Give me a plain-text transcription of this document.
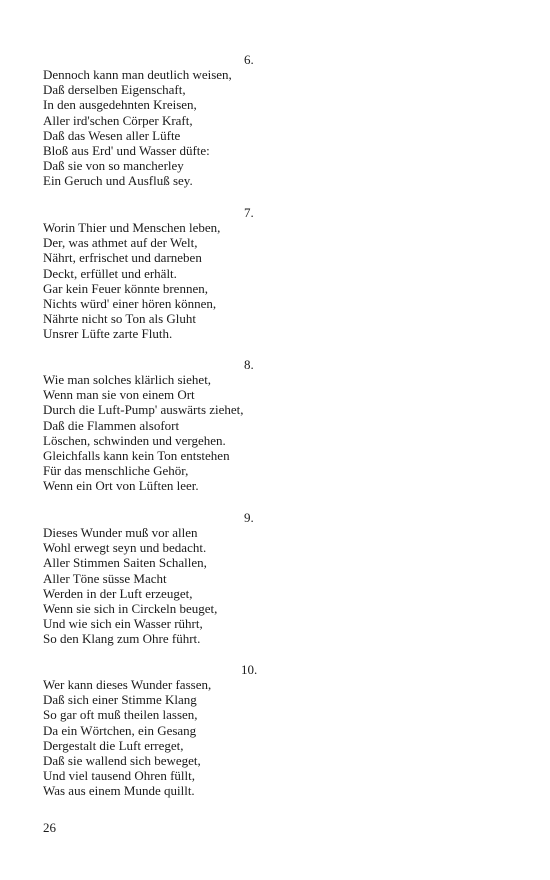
6.
Dennoch kann man deutlich weisen,
Daß derselben Eigenschaft,
In den ausgedehnten Kreisen,
Aller ird'schen Cörper Kraft,
Daß das Wesen aller Lüfte
Bloß aus Erd' und Wasser düfte:
Daß sie von so mancherley
Ein Geruch und Ausfluß sey.
7.
Worin Thier und Menschen leben,
Der, was athmet auf der Welt,
Nährt, erfrischet und darneben
Deckt, erfüllet und erhält.
Gar kein Feuer könnte brennen,
Nichts würd' einer hören können,
Nährte nicht so Ton als Gluht
Unsrer Lüfte zarte Fluth.
8.
Wie man solches klärlich siehet,
Wenn man sie von einem Ort
Durch die Luft-Pump' auswärts ziehet,
Daß die Flammen alsofort
Löschen, schwinden und vergehen.
Gleichfalls kann kein Ton entstehen
Für das menschliche Gehör,
Wenn ein Ort von Lüften leer.
9.
Dieses Wunder muß vor allen
Wohl erwegt seyn und bedacht.
Aller Stimmen Saiten Schallen,
Aller Töne süsse Macht
Werden in der Luft erzeuget,
Wenn sie sich in Circkeln beuget,
Und wie sich ein Wasser rührt,
So den Klang zum Ohre führt.
10.
Wer kann dieses Wunder fassen,
Daß sich einer Stimme Klang
So gar oft muß theilen lassen,
Da ein Wörtchen, ein Gesang
Dergestalt die Luft erreget,
Daß sie wallend sich beweget,
Und viel tausend Ohren füllt,
Was aus einem Munde quillt.
26
